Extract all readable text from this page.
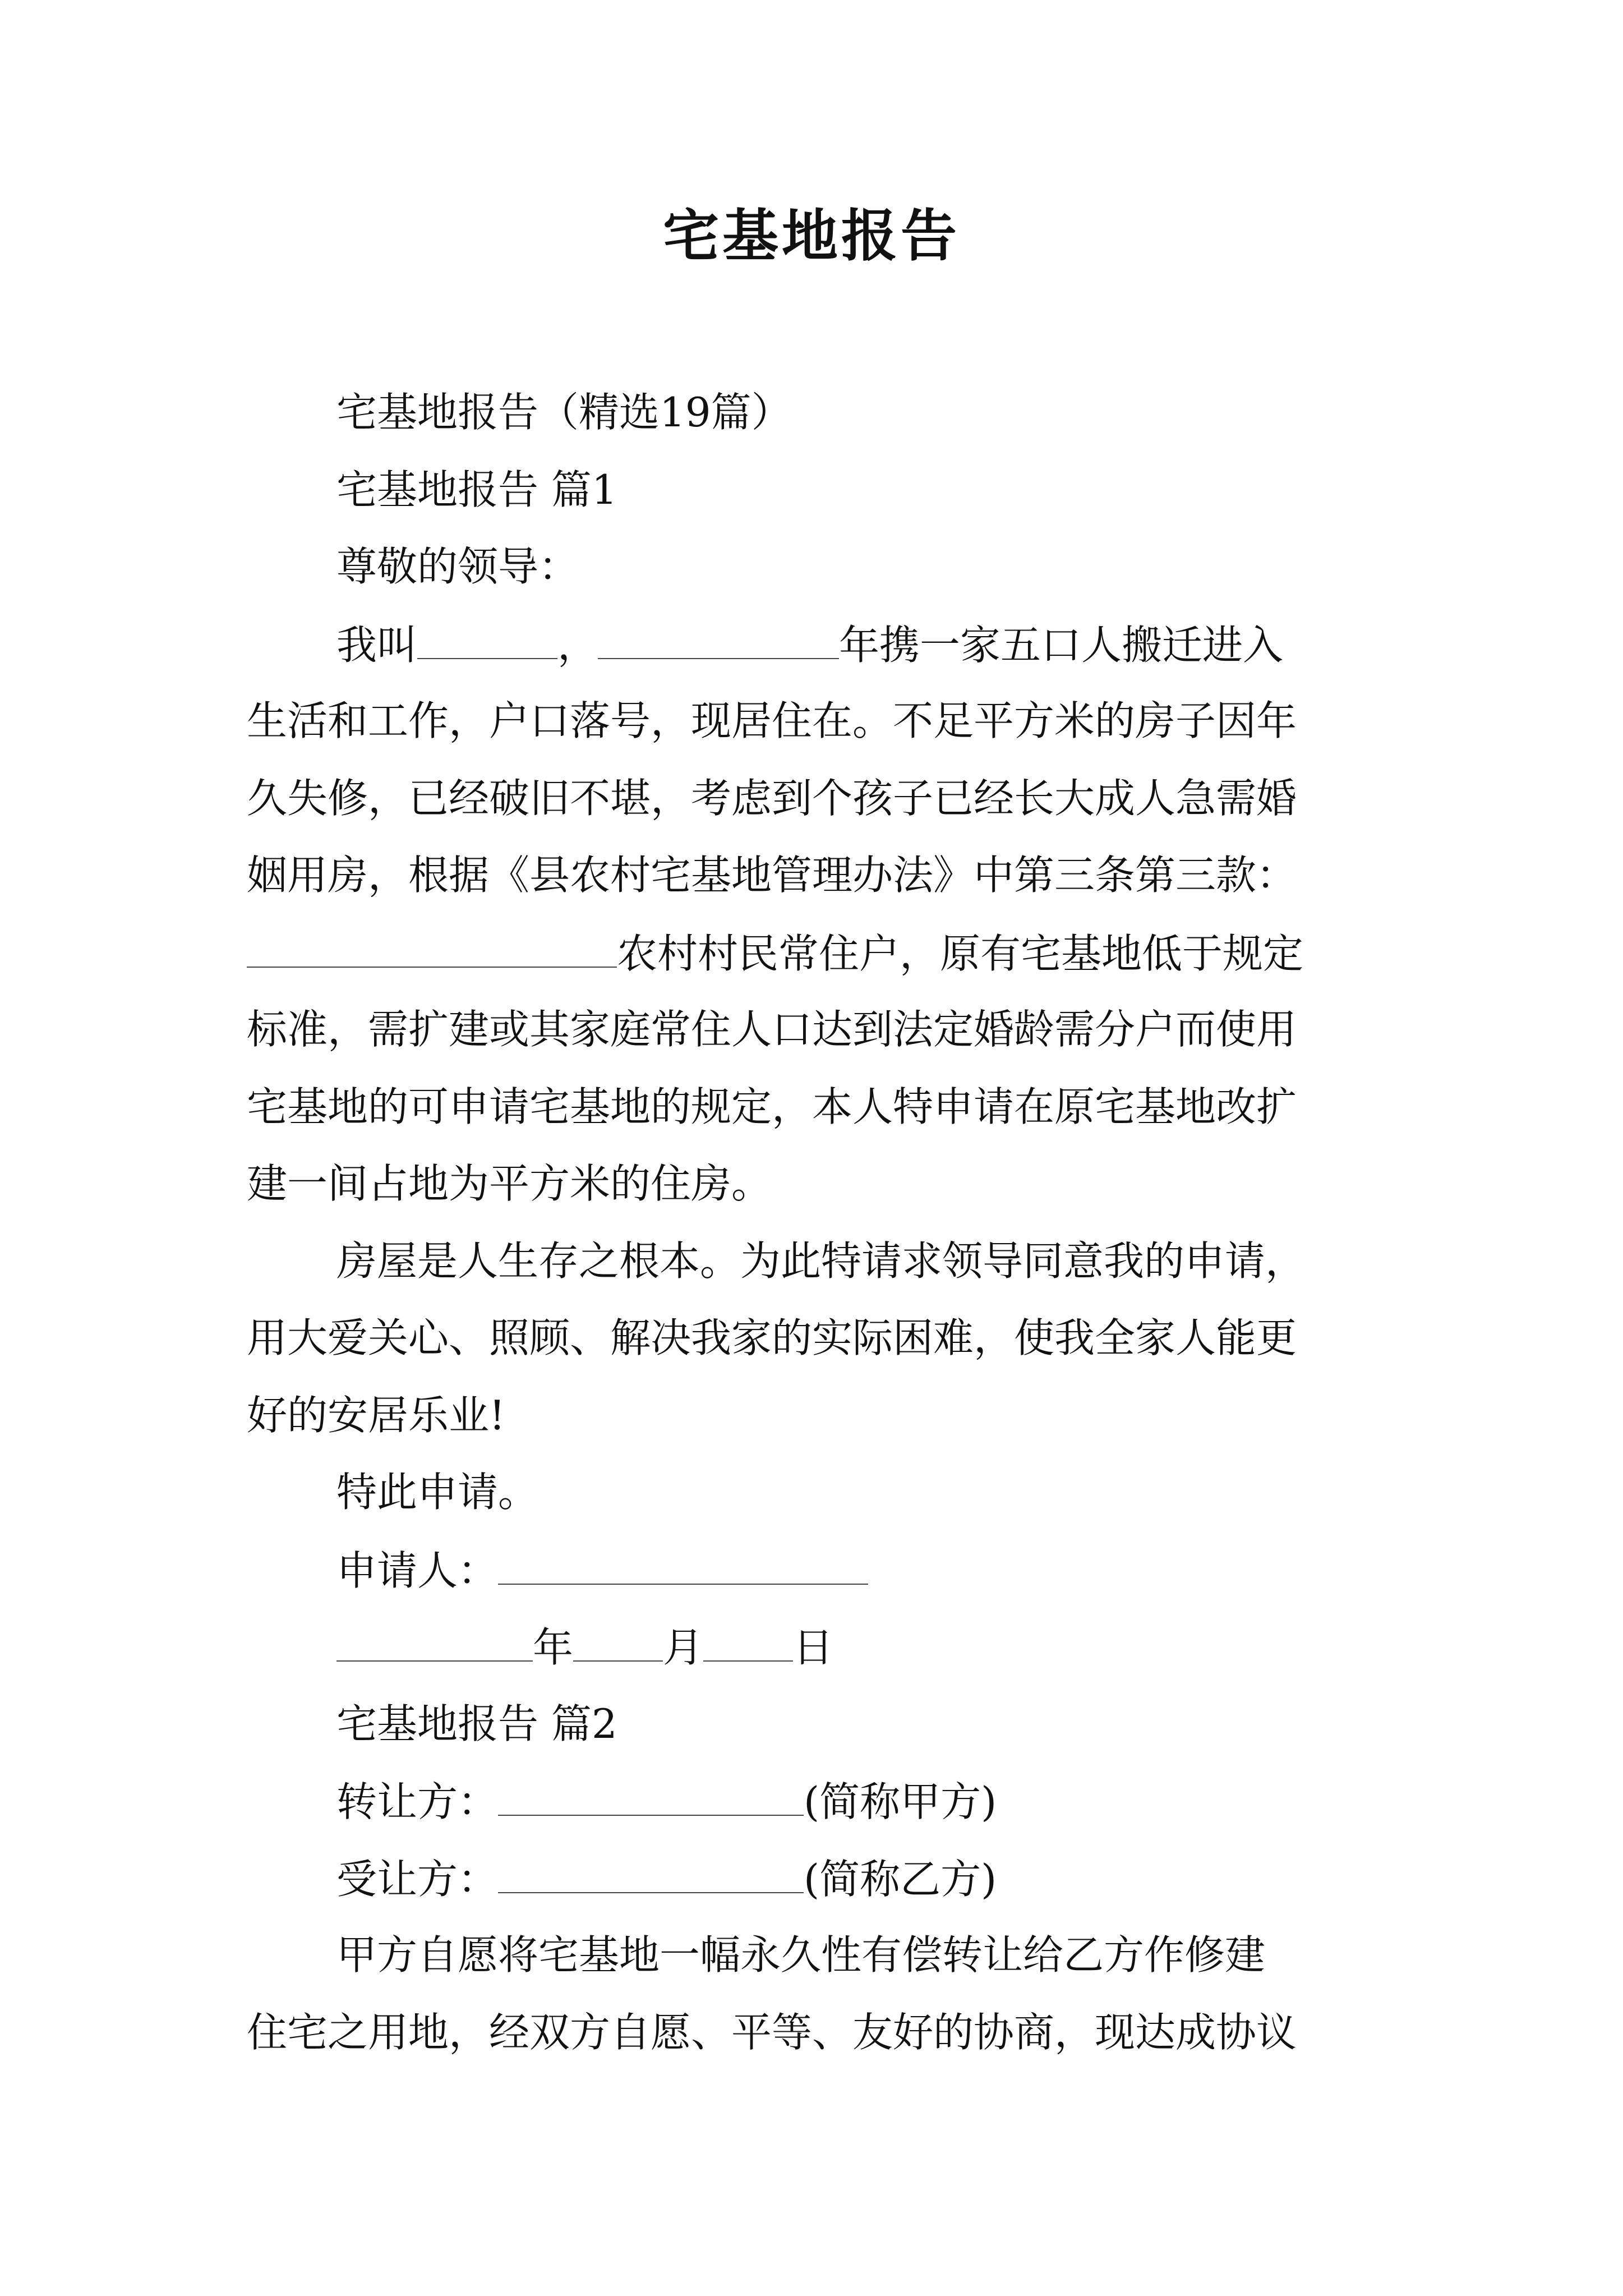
宅基地报告
宅基地报告（精选19篇）
宅基地报告 篇1
尊敬的领导：
我叫	，	年携一家五口人搬迁进入
生活和工作，户口落号，现居住在。不足平方米的房子因年
久失修，已经破旧不堪，考虑到个孩子已经长大成人急需婚
姻用房，根据《县农村宅基地管理办法》中第三条第三款：
农村村民常住户，原有宅基地低于规定
标准，需扩建或其家庭常住人口达到法定婚龄需分户而使用
宅基地的可申请宅基地的规定，本人特申请在原宅基地改扩
建一间占地为平方米的住房。
房屋是人生存之根本。为此特请求领导同意我的申请，
用大爱关心、照顾、解决我家的实际困难，使我全家人能更
好的安居乐业!
特此申请。
申请人：
年 月 日
宅基地报告 篇2
转让方：	(简称甲方)
受让方：	(简称乙方)
甲方自愿将宅基地一幅永久性有偿转让给乙方作修建
住宅之用地，经双方自愿、平等、友好的协商，现达成协议
